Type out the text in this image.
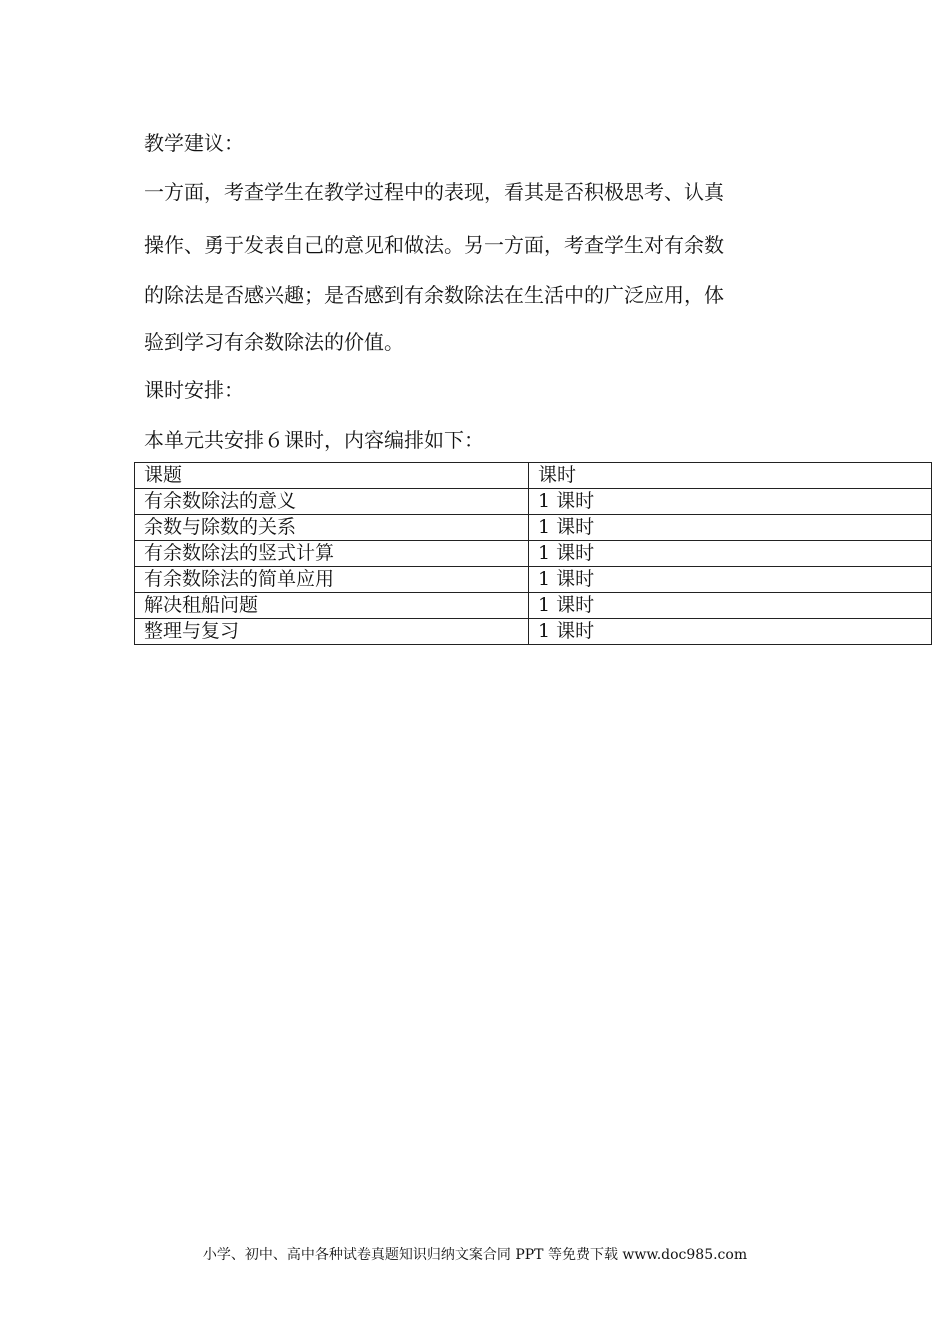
教学建议：
一方面，考查学生在教学过程中的表现，看其是否积极思考、认真
操作、勇于发表自己的意见和做法。另一方面，考查学生对有余数
的除法是否感兴趣；是否感到有余数除法在生活中的广泛应用，体
验到学习有余数除法的价值。
课时安排：
本单元共安排６课时，内容编排如下：
课题	课时
有余数除法的意义	1 课时
余数与除数的关系	1 课时
有余数除法的竖式计算	1 课时
有余数除法的简单应用	1 课时
解决租船问题	1 课时
整理与复习	1 课时
小学、初中、高中各种试卷真题知识归纳文案合同 PPT 等免费下载 www.doc985.com
